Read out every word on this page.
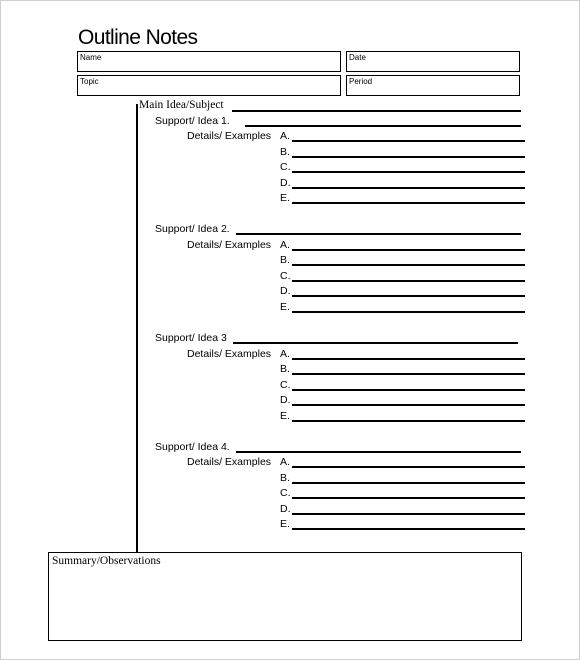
Outline Notes
Name	Date
Topic	Period
Main Idea/Subject
Support/ Idea 1.
Details/ Examples A.
B.
C.
D.
E.
Support/ Idea 2.
Details/ Examples A.
B.
C.
D.
E.
Support/ Idea 3
Details/ Examples A.
B.
C.
D.
E.
Support/ Idea 4.
Details/ Examples A.
B.
C.
D.
E.
Summary/Observations
